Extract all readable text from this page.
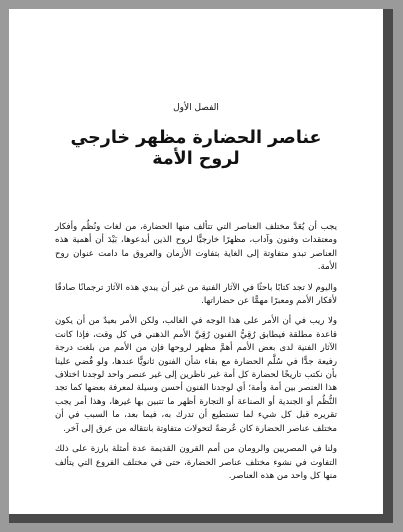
الفصل الأول
عناصر الحضارة مظهر خارجي لروح الأمة

يجب أن يُعَدَّ مختلف العناصر التي تتألف منها الحضارة، من لغات ونُظُم وأفكار ومعتقدات وفنون وآداب، مظهرًا خارجيًّا لروح الذين أبدعوها، بَيْدَ أن أهمية هذه العناصر تبدو متفاوتة إلى الغاية بتفاوت الأزمان والعروق ما دامت عنوان روح الأمة.

واليوم لا تجد كتابًا باحثًا في الآثار الفنية من غير أن يبدي هذه الآثارَ ترجمانًا صادقًا لأفكار الأمم ومعبرًا مهمًّا عن حضاراتها.

ولا ريب في أن الأمر على هذا الوجه في الغالب، ولكن الأمر بعيدٌ من أن يكون قاعدة مطلقة فيطابق رُقِيُّ الفنون رُقِيَّ الأمم الذهني في كل وقت، فإذا كانت الآثار الفنية لدى بعض الأمم أهمَّ مظهر لروحها فإن من الأمم من بلغت درجة رفيعة جدًّا في سُلَّم الحضارة مع بقاء شأن الفنون ثانويًّا عندها، ولو قُضي علينا بأن نكتب تاريخًا لحضارة كل أمة غير ناظرين إلى غير عنصر واحد لوجدنا اختلاف هذا العنصر بين أمة وأمة؛ أي لوجدنا الفنون أحسن وسيلة لمعرفة بعضها كما تجد النُّظُم أو الجندية أو الصناعة أو التجارة أظهر ما تتبين بها غيرها، وهذا أمر يجب تقريره قبل كل شيء لما تستطيع أن تدرك به، فيما بعد، ما السبب في أن مختلف عناصر الحضارة كان عُرضةً لتحولات متفاوتة بانتقاله من عرق إلى آخر.

ولنا في المصريين والرومان من أمم القرون القديمة عدة أمثلة بارزة على ذلك التفاوت في نشوء مختلف عناصر الحضارة، حتى في مختلف الفروع التي يتألف منها كل واحد من هذه العناصر.
